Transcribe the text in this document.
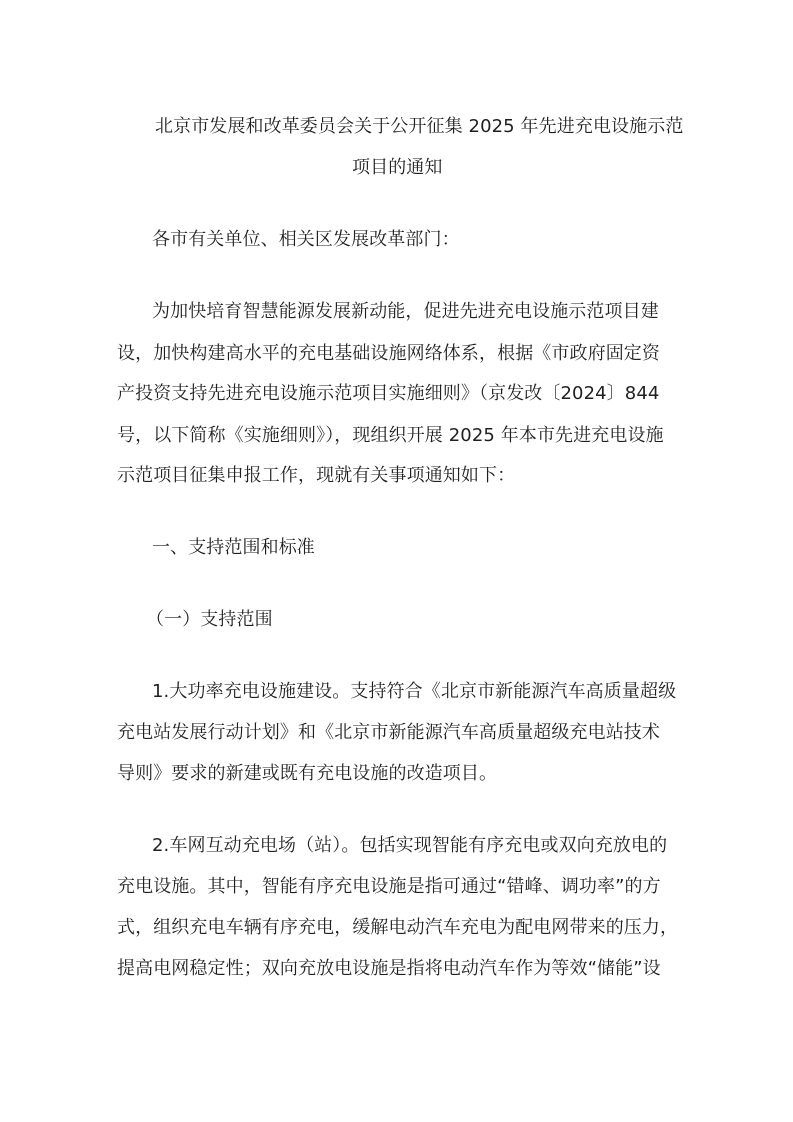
北京市发展和改革委员会关于公开征集 2025 年先进充电设施示范
项目的通知
各市有关单位、相关区发展改革部门：
为加快培育智慧能源发展新动能，促进先进充电设施示范项目建
设，加快构建高水平的充电基础设施网络体系，根据《市政府固定资
产投资支持先进充电设施示范项目实施细则》（京发改〔2024〕844
号，以下简称《实施细则》），现组织开展 2025 年本市先进充电设施
示范项目征集申报工作，现就有关事项通知如下：
一、支持范围和标准
（一）支持范围
1.大功率充电设施建设。支持符合《北京市新能源汽车高质量超级
充电站发展行动计划》和《北京市新能源汽车高质量超级充电站技术
导则》要求的新建或既有充电设施的改造项目。
2.车网互动充电场（站）。包括实现智能有序充电或双向充放电的
充电设施。其中，智能有序充电设施是指可通过“错峰、调功率”的方
式，组织充电车辆有序充电，缓解电动汽车充电为配电网带来的压力，
提高电网稳定性；双向充放电设施是指将电动汽车作为等效“储能”设
